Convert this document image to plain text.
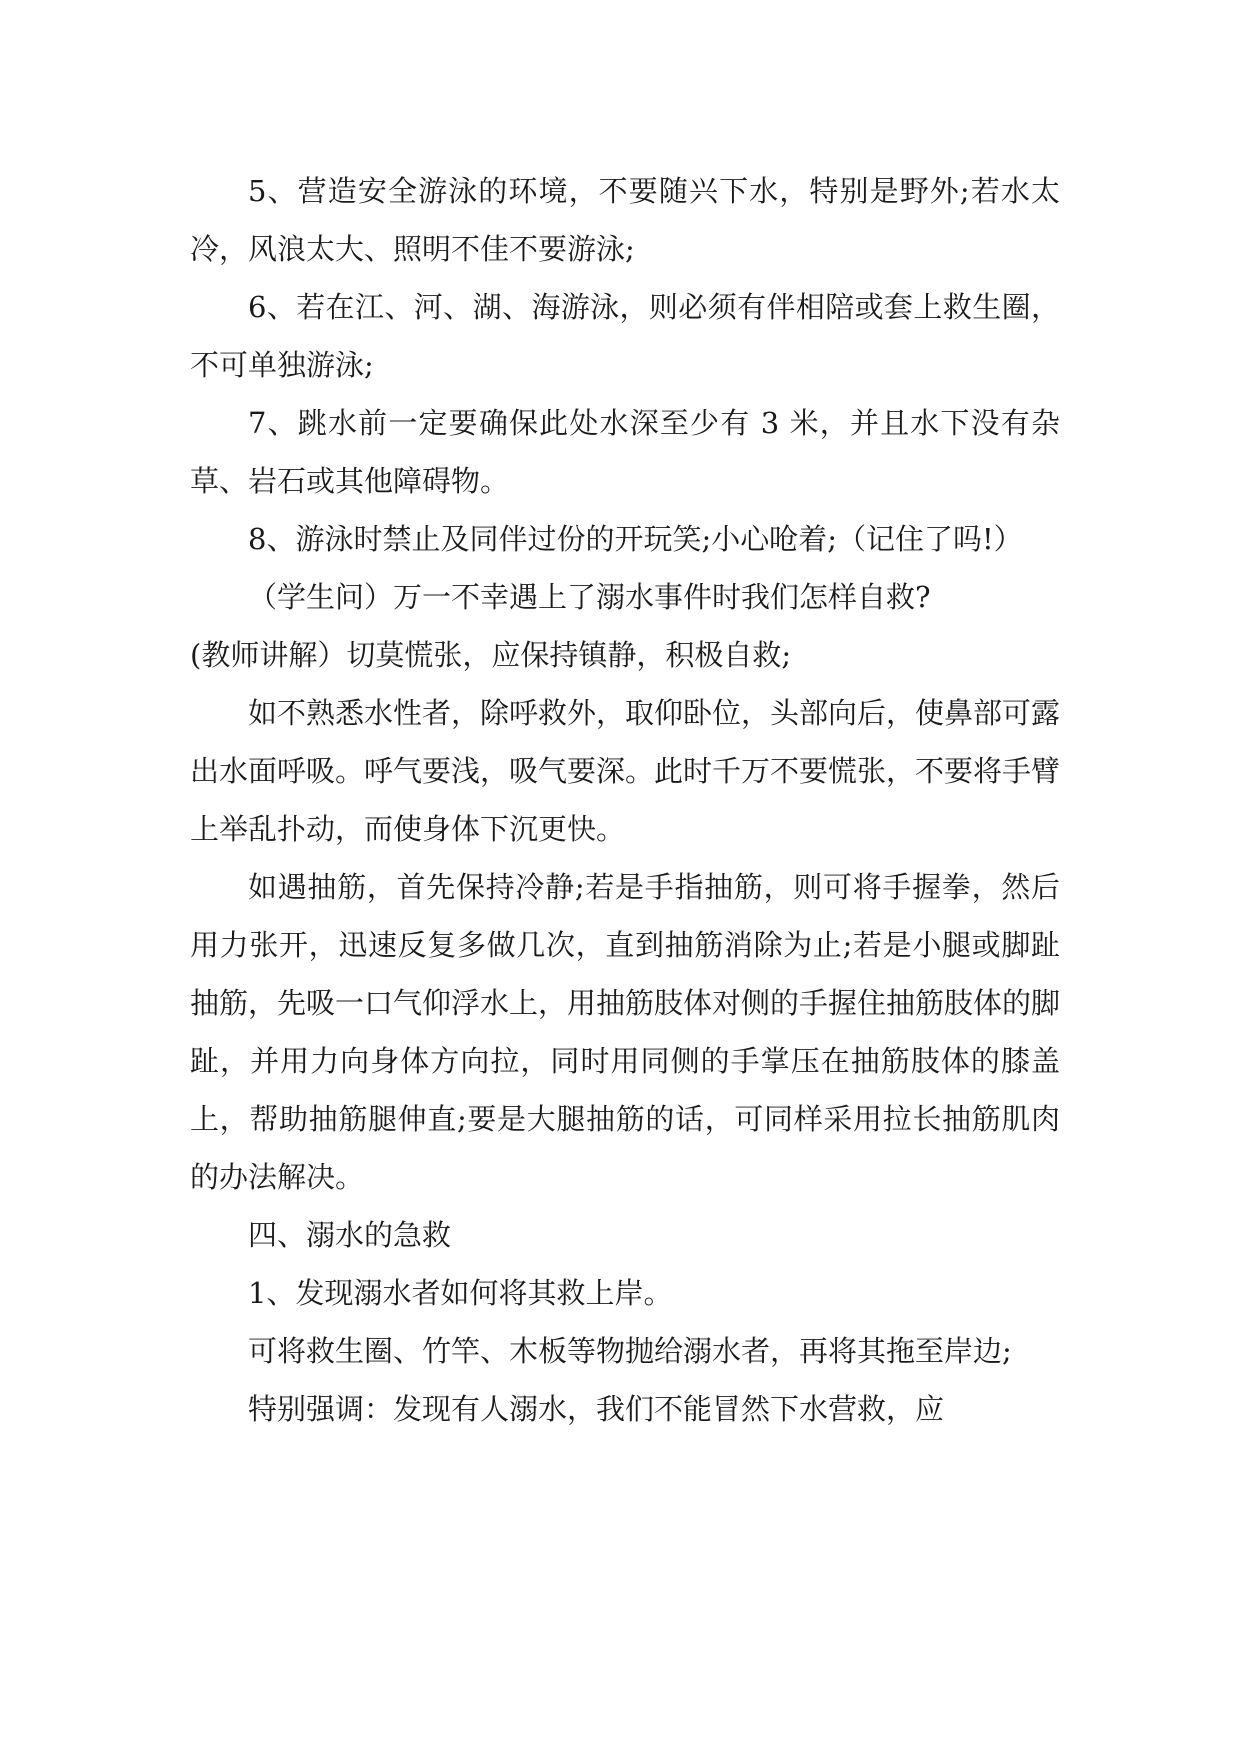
5、营造安全游泳的环境，不要随兴下水，特别是野外;若水太冷，风浪太大、照明不佳不要游泳;

6、若在江、河、湖、海游泳，则必须有伴相陪或套上救生圈，不可单独游泳;

7、跳水前一定要确保此处水深至少有 3 米，并且水下没有杂草、岩石或其他障碍物。

8、游泳时禁止及同伴过份的开玩笑;小心呛着;（记住了吗!）

（学生问）万一不幸遇上了溺水事件时我们怎样自救?

(教师讲解）切莫慌张，应保持镇静，积极自救;

如不熟悉水性者，除呼救外，取仰卧位，头部向后，使鼻部可露出水面呼吸。呼气要浅，吸气要深。此时千万不要慌张，不要将手臂上举乱扑动，而使身体下沉更快。

如遇抽筋，首先保持冷静;若是手指抽筋，则可将手握拳，然后用力张开，迅速反复多做几次，直到抽筋消除为止;若是小腿或脚趾抽筋，先吸一口气仰浮水上，用抽筋肢体对侧的手握住抽筋肢体的脚趾，并用力向身体方向拉，同时用同侧的手掌压在抽筋肢体的膝盖上，帮助抽筋腿伸直;要是大腿抽筋的话，可同样采用拉长抽筋肌肉的办法解决。

四、溺水的急救

1、发现溺水者如何将其救上岸。

可将救生圈、竹竿、木板等物抛给溺水者，再将其拖至岸边;

特别强调：发现有人溺水，我们不能冒然下水营救，应
